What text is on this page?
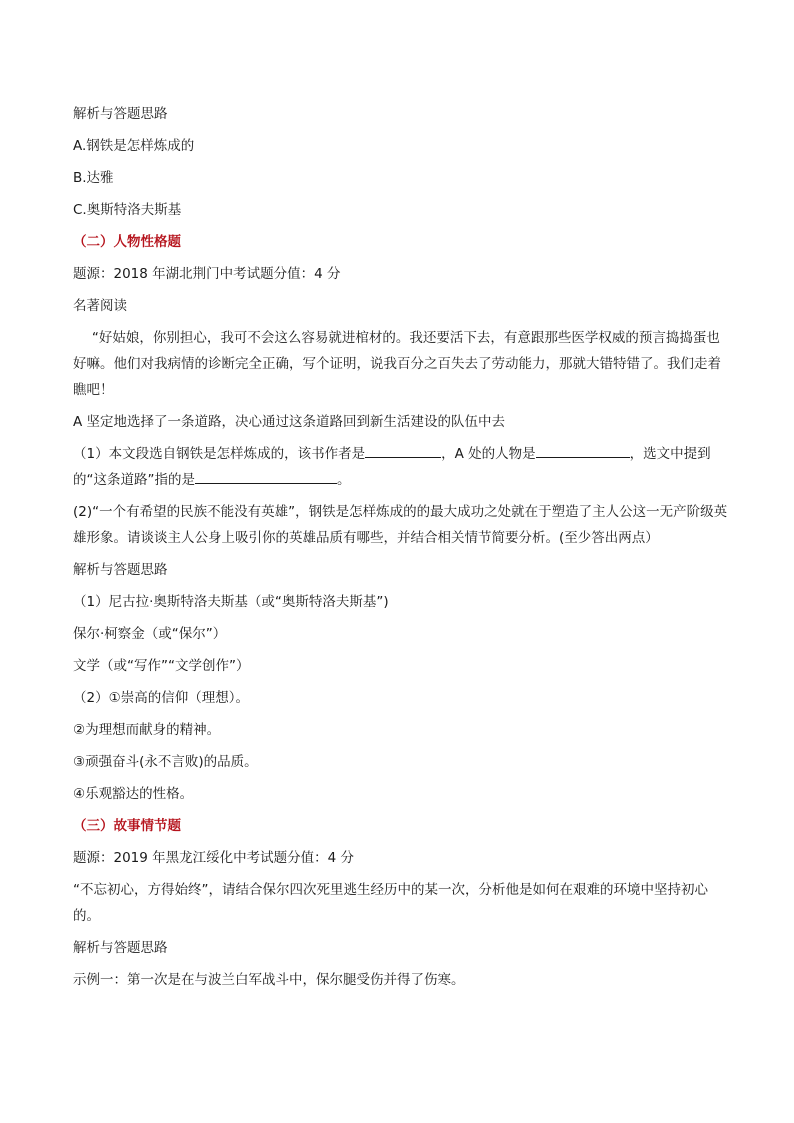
解析与答题思路
A.钢铁是怎样炼成的
B.达雅
C.奥斯特洛夫斯基
（二）人物性格题
题源：2018 年湖北荆门中考试题分值：4 分
名著阅读
“好姑娘，你别担心，我可不会这么容易就进棺材的。我还要活下去，有意跟那些医学权威的预言捣捣蛋也好嘛。他们对我病情的诊断完全正确，写个证明，说我百分之百失去了劳动能力，那就大错特错了。我们走着瞧吧！
A 坚定地选择了一条道路，决心通过这条道路回到新生活建设的队伍中去
（1）本文段选自钢铁是怎样炼成的，该书作者是	，A 处的人物是	，选文中提到的“这条道路”指的是	。
(2)“一个有希望的民族不能没有英雄”，钢铁是怎样炼成的的最大成功之处就在于塑造了主人公这一无产阶级英雄形象。请谈谈主人公身上吸引你的英雄品质有哪些，并结合相关情节简要分析。(至少答出两点）
解析与答题思路
（1）尼古拉·奥斯特洛夫斯基（或“奥斯特洛夫斯基”)
保尔·柯察金（或“保尔”）
文学（或“写作”“文学创作”）
（2）①崇高的信仰（理想）。
②为理想而献身的精神。
③顽强奋斗(永不言败)的品质。
④乐观豁达的性格。
（三）故事情节题
题源：2019 年黑龙江绥化中考试题分值：4 分
“不忘初心，方得始终”，请结合保尔四次死里逃生经历中的某一次，分析他是如何在艰难的环境中坚持初心的。
解析与答题思路
示例一：第一次是在与波兰白军战斗中，保尔腿受伤并得了伤寒。
